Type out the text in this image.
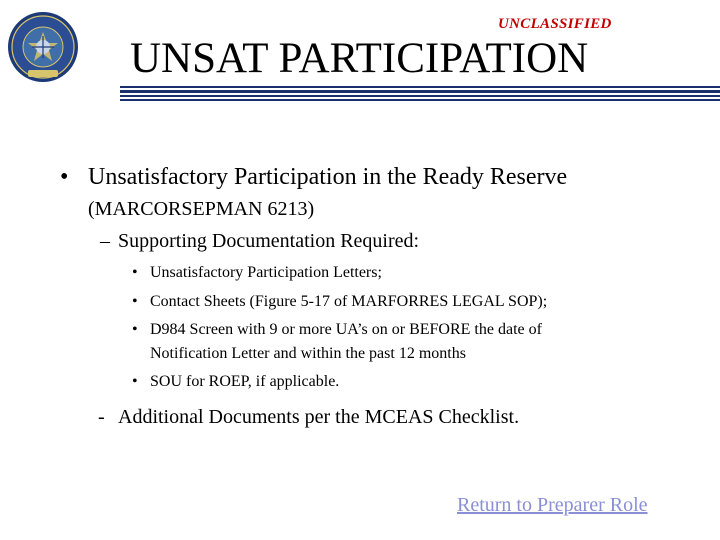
UNCLASSIFIED
UNSAT PARTICIPATION
• Unsatisfactory Participation in the Ready Reserve
(MARCORSEPMAN 6213)
– Supporting Documentation Required:
• Unsatisfactory Participation Letters;
• Contact Sheets (Figure 5-17 of MARFORRES LEGAL SOP);
• D984 Screen with 9 or more UA’s on or BEFORE the date of
Notification Letter and within the past 12 months
• SOU for ROEP, if applicable.
- Additional Documents per the MCEAS Checklist.
Return to Preparer Role
